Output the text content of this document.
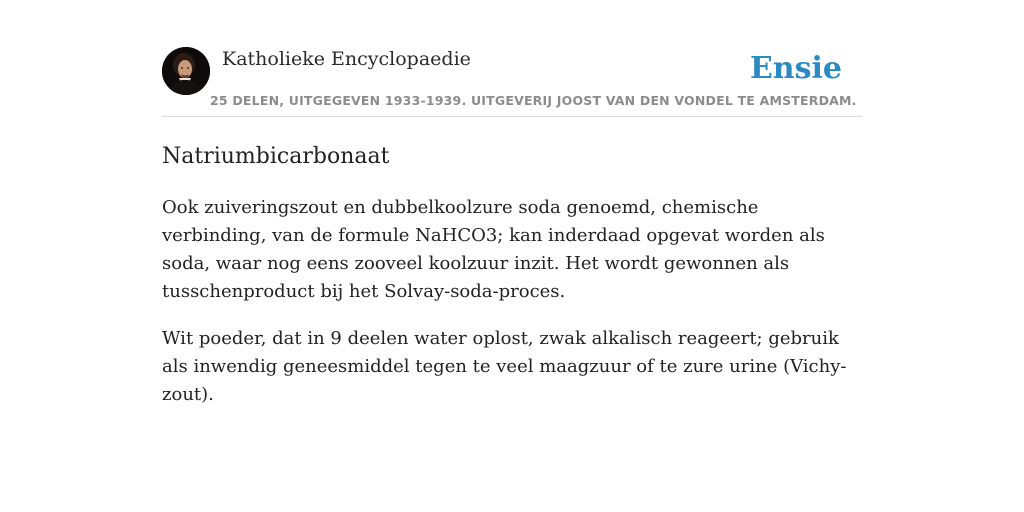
Katholieke Encyclopaedie
25 DELEN, UITGEGEVEN 1933-1939. UITGEVERIJ JOOST VAN DEN VONDEL TE AMSTERDAM.
Ensie
Natriumbicarbonaat

Ook zuiveringszout en dubbelkoolzure soda genoemd, chemische verbinding, van de formule NaHCO3; kan inderdaad opgevat worden als soda, waar nog eens zooveel koolzuur inzit. Het wordt gewonnen als tusschenproduct bij het Solvay-soda-proces.

Wit poeder, dat in 9 deelen water oplost, zwak alkalisch reageert; gebruik als inwendig geneesmiddel tegen te veel maagzuur of te zure urine (Vichy-zout).
